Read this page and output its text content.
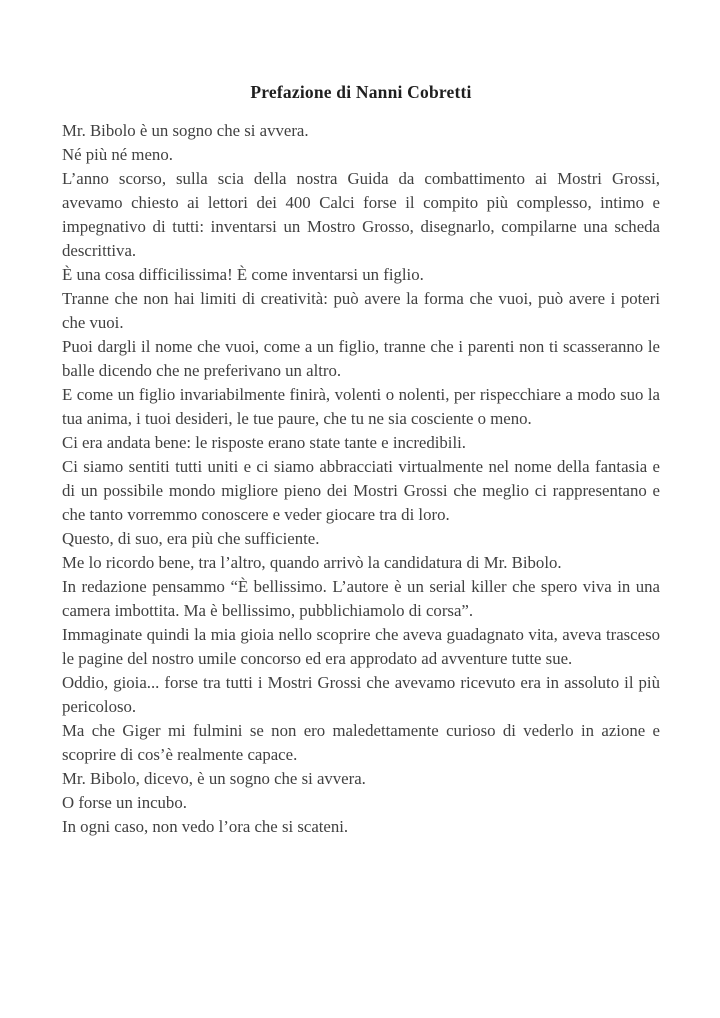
Prefazione di Nanni Cobretti

Mr. Bibolo è un sogno che si avvera.

Né più né meno.

L’anno scorso, sulla scia della nostra Guida da combattimento ai Mostri Grossi, avevamo chiesto ai lettori dei 400 Calci forse il compito più complesso, intimo e impegnativo di tutti: inventarsi un Mostro Grosso, disegnarlo, compilarne una scheda descrittiva.

È una cosa difficilissima! È come inventarsi un figlio.

Tranne che non hai limiti di creatività: può avere la forma che vuoi, può avere i poteri che vuoi.

Puoi dargli il nome che vuoi, come a un figlio, tranne che i parenti non ti scasseranno le balle dicendo che ne preferivano un altro.

E come un figlio invariabilmente finirà, volenti o nolenti, per rispecchiare a modo suo la tua anima, i tuoi desideri, le tue paure, che tu ne sia cosciente o meno.

Ci era andata bene: le risposte erano state tante e incredibili.

Ci siamo sentiti tutti uniti e ci siamo abbracciati virtualmente nel nome della fantasia e di un possibile mondo migliore pieno dei Mostri Grossi che meglio ci rappresentano e che tanto vorremmo conoscere e veder giocare tra di loro.

Questo, di suo, era più che sufficiente.

Me lo ricordo bene, tra l’altro, quando arrivò la candidatura di Mr. Bibolo.

In redazione pensammo “È bellissimo. L’autore è un serial killer che spero viva in una camera imbottita. Ma è bellissimo, pubblichiamolo di corsa”.

Immaginate quindi la mia gioia nello scoprire che aveva guadagnato vita, aveva trasceso le pagine del nostro umile concorso ed era approdato ad avventure tutte sue.

Oddio, gioia... forse tra tutti i Mostri Grossi che avevamo ricevuto era in assoluto il più pericoloso.

Ma che Giger mi fulmini se non ero maledettamente curioso di vederlo in azione e scoprire di cos’è realmente capace.

Mr. Bibolo, dicevo, è un sogno che si avvera.

O forse un incubo.

In ogni caso, non vedo l’ora che si scateni.
